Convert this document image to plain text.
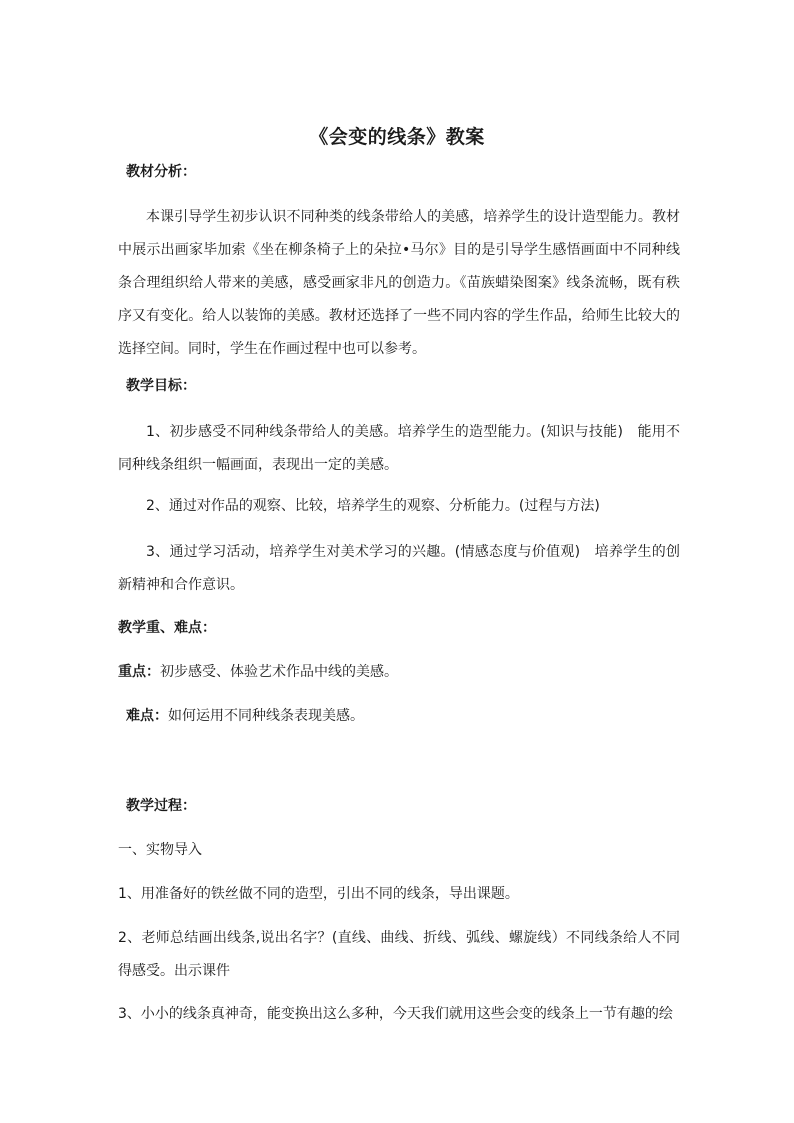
《会变的线条》教案
教材分析：
本课引导学生初步认识不同种类的线条带给人的美感，培养学生的设计造型能力。教材中展示出画家毕加索《坐在柳条椅子上的朵拉•马尔》目的是引导学生感悟画面中不同种线条合理组织给人带来的美感，感受画家非凡的创造力。《苗族蜡染图案》线条流畅，既有秩序又有变化。给人以装饰的美感。教材还选择了一些不同内容的学生作品，给师生比较大的选择空间。同时，学生在作画过程中也可以参考。
教学目标：
1、初步感受不同种线条带给人的美感。培养学生的造型能力。(知识与技能)　能用不同种线条组织一幅画面，表现出一定的美感。
2、通过对作品的观察、比较，培养学生的观察、分析能力。(过程与方法)
3、通过学习活动，培养学生对美术学习的兴趣。(情感态度与价值观)　培养学生的创新精神和合作意识。
教学重、难点：
重点：初步感受、体验艺术作品中线的美感。
难点：如何运用不同种线条表现美感。
教学过程：
一、实物导入
1、用准备好的铁丝做不同的造型，引出不同的线条，导出课题。
2、老师总结画出线条,说出名字？(直线、曲线、折线、弧线、螺旋线）不同线条给人不同得感受。出示课件
3、小小的线条真神奇，能变换出这么多种，今天我们就用这些会变的线条上一节有趣的绘
